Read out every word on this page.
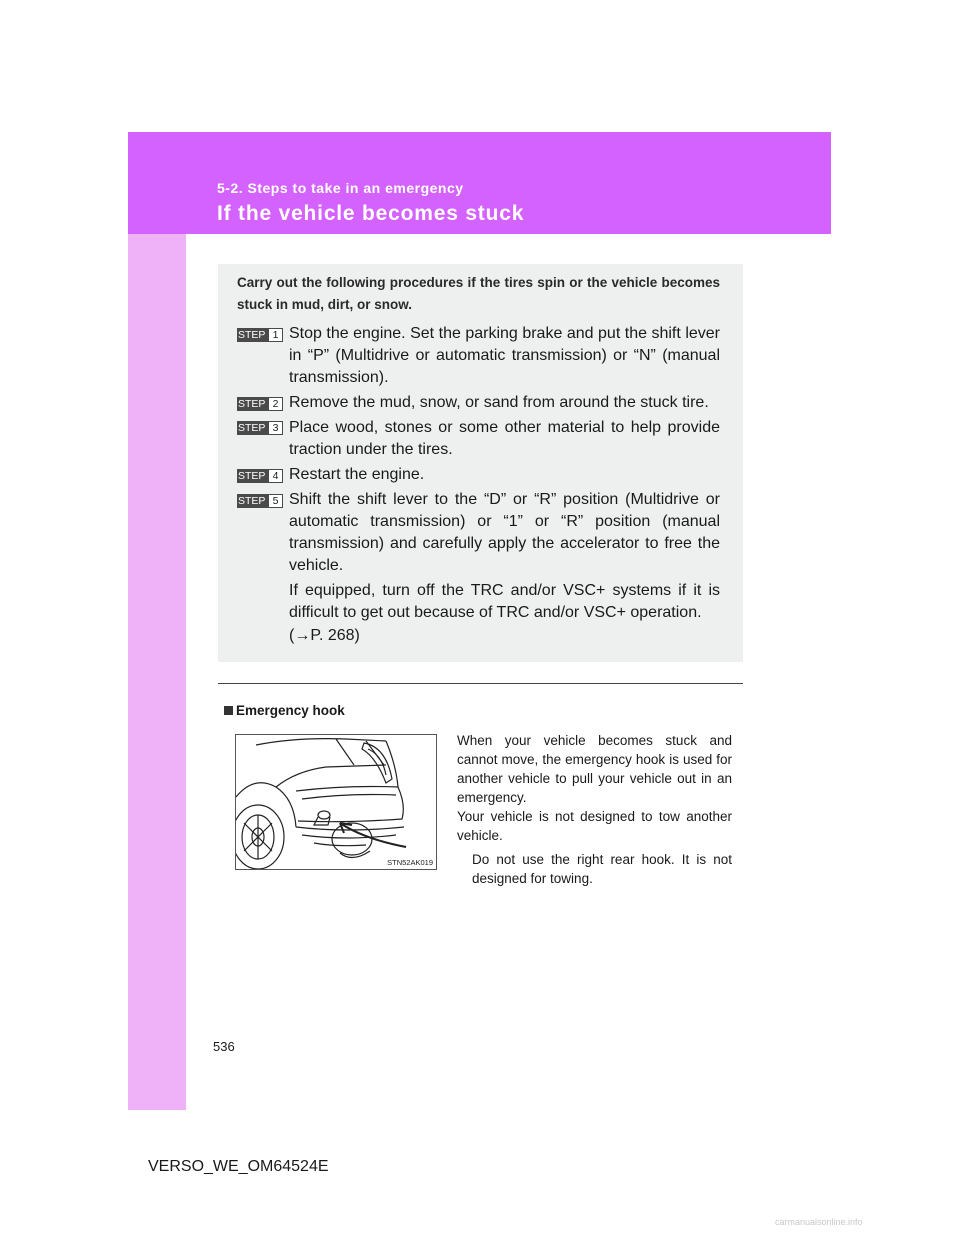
5-2. Steps to take in an emergency
If the vehicle becomes stuck
Carry out the following procedures if the tires spin or the vehicle becomes stuck in mud, dirt, or snow.
STEP 1 Stop the engine. Set the parking brake and put the shift lever in “P” (Multidrive or automatic transmission) or “N” (manual transmission).
STEP 2 Remove the mud, snow, or sand from around the stuck tire.
STEP 3 Place wood, stones or some other material to help provide traction under the tires.
STEP 4 Restart the engine.
STEP 5 Shift the shift lever to the “D” or “R” position (Multidrive or automatic transmission) or “1” or “R” position (manual transmission) and carefully apply the accelerator to free the vehicle.
If equipped, turn off the TRC and/or VSC+ systems if it is difficult to get out because of TRC and/or VSC+ operation.
(→P. 268)
Emergency hook
STN52AK019

When your vehicle becomes stuck and cannot move, the emergency hook is used for another vehicle to pull your vehicle out in an emergency.

Your vehicle is not designed to tow another vehicle.

Do not use the right rear hook. It is not designed for towing.
536
VERSO_WE_OM64524E
carmanualsonline.info
